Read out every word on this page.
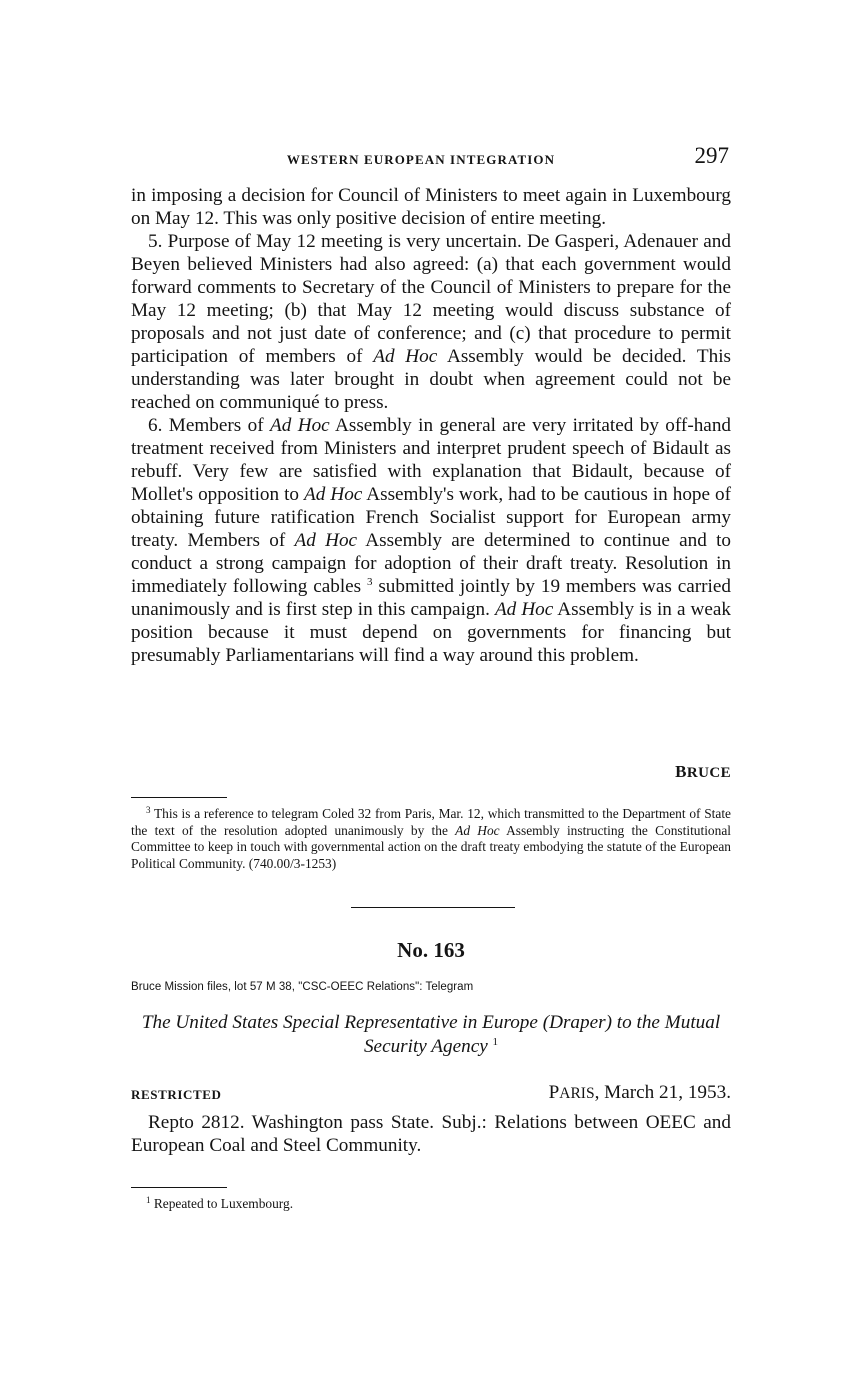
WESTERN EUROPEAN INTEGRATION	297

in imposing a decision for Council of Ministers to meet again in Luxembourg on May 12. This was only positive decision of entire meeting.

5. Purpose of May 12 meeting is very uncertain. De Gasperi, Adenauer and Beyen believed Ministers had also agreed: (a) that each government would forward comments to Secretary of the Council of Ministers to prepare for the May 12 meeting; (b) that May 12 meeting would discuss substance of proposals and not just date of conference; and (c) that procedure to permit participation of members of Ad Hoc Assembly would be decided. This understanding was later brought in doubt when agreement could not be reached on communiqué to press.

6. Members of Ad Hoc Assembly in general are very irritated by off-hand treatment received from Ministers and interpret prudent speech of Bidault as rebuff. Very few are satisfied with explanation that Bidault, because of Mollet's opposition to Ad Hoc Assembly's work, had to be cautious in hope of obtaining future ratification French Socialist support for European army treaty. Members of Ad Hoc Assembly are determined to continue and to conduct a strong campaign for adoption of their draft treaty. Resolution in immediately following cables $^3$ submitted jointly by 19 members was carried unanimously and is first step in this campaign. Ad Hoc Assembly is in a weak position because it must depend on governments for financing but presumably Parliamentarians will find a way around this problem.

BRUCE

$^3$ This is a reference to telegram Coled 32 from Paris, Mar. 12, which transmitted to the Department of State the text of the resolution adopted unanimously by the Ad Hoc Assembly instructing the Constitutional Committee to keep in touch with governmental action on the draft treaty embodying the statute of the European Political Community. (740.00/3-1253)

No. 163
Bruce Mission files, lot 57 M 38, "CSC-OEEC Relations": Telegram
The United States Special Representative in Europe (Draper) to the Mutual Security Agency $^1$
RESTRICTED	PARIS, March 21, 1953.

Repto 2812. Washington pass State. Subj.: Relations between OEEC and European Coal and Steel Community.

$^1$ Repeated to Luxembourg.
